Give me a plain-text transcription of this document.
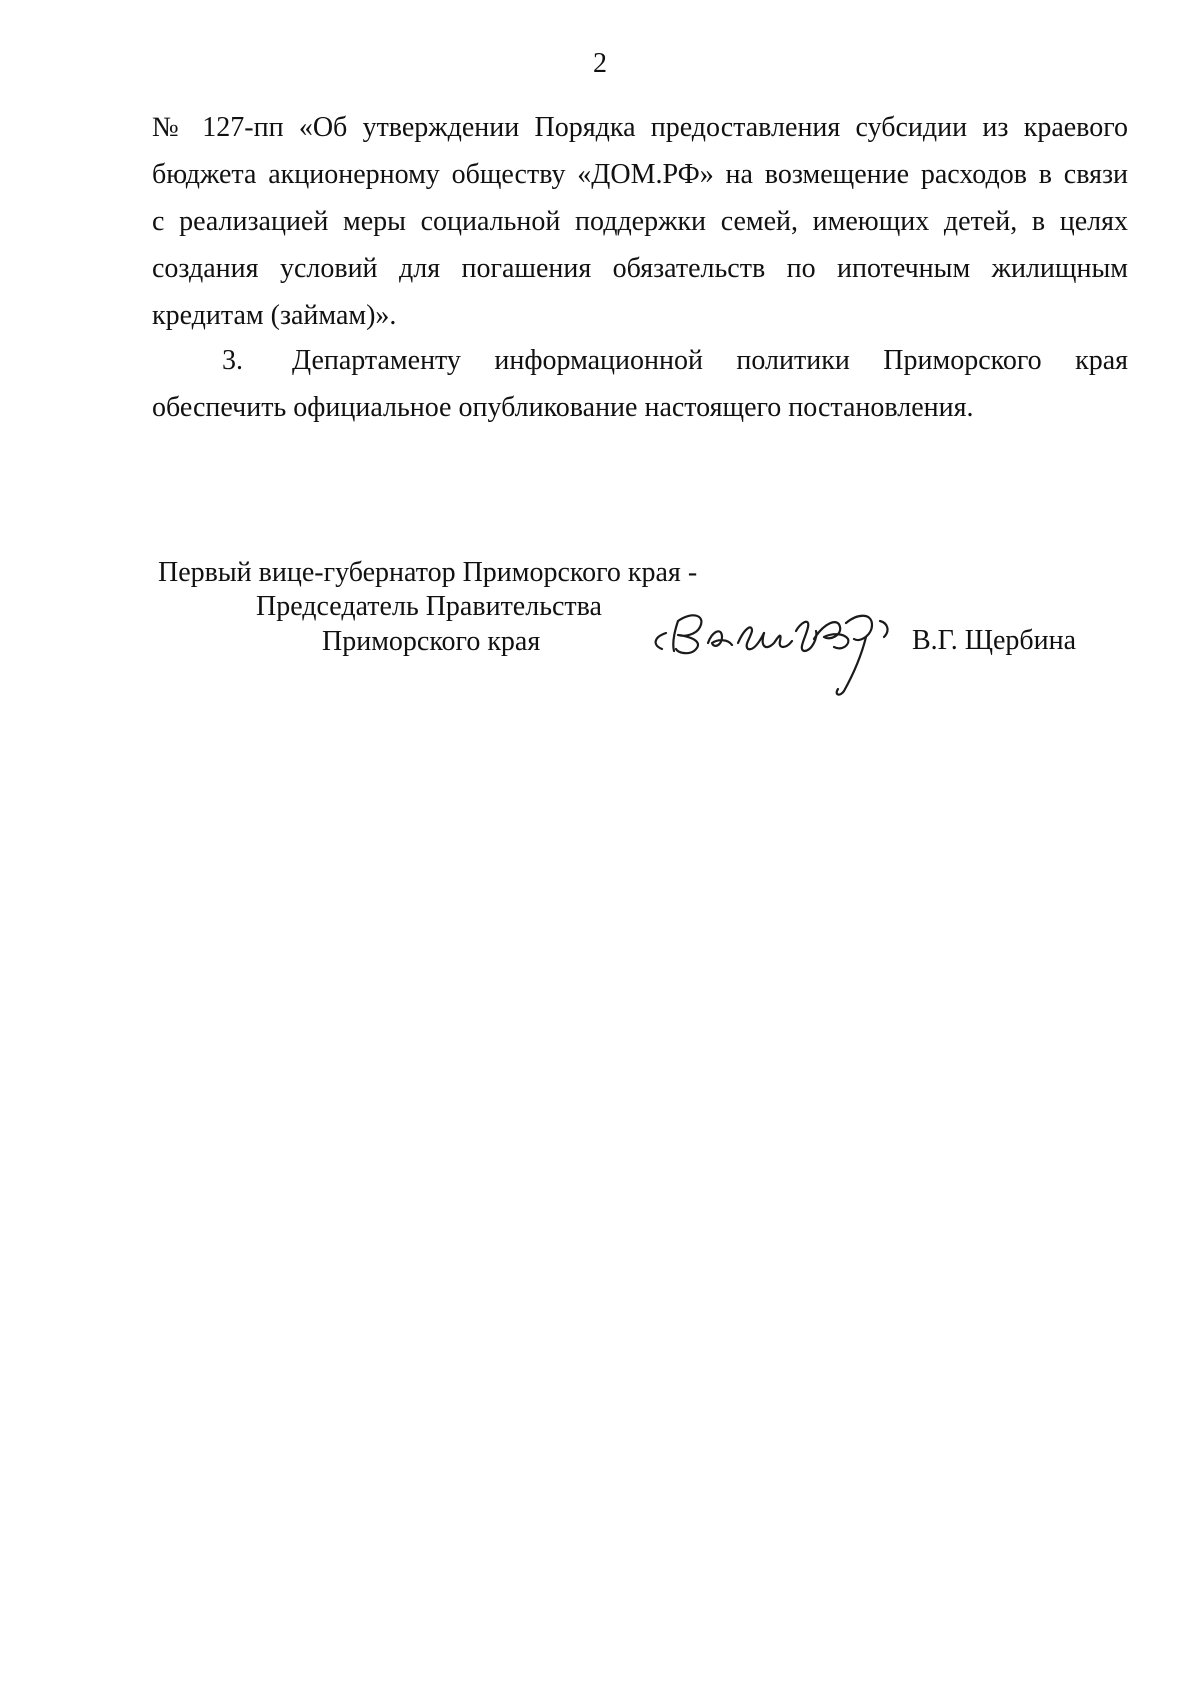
2
№ 127-пп «Об утверждении Порядка предоставления субсидии из краевого
бюджета акционерному обществу «ДОМ.РФ» на возмещение расходов в связи
с реализацией меры социальной поддержки семей, имеющих детей, в целях
создания условий для погашения обязательств по ипотечным жилищным
кредитам (займам)».
3. Департаменту информационной политики Приморского края
обеспечить официальное опубликование настоящего постановления.
Первый вице-губернатор Приморского края -
Председатель Правительства
Приморского края	В.Г. Щербина
